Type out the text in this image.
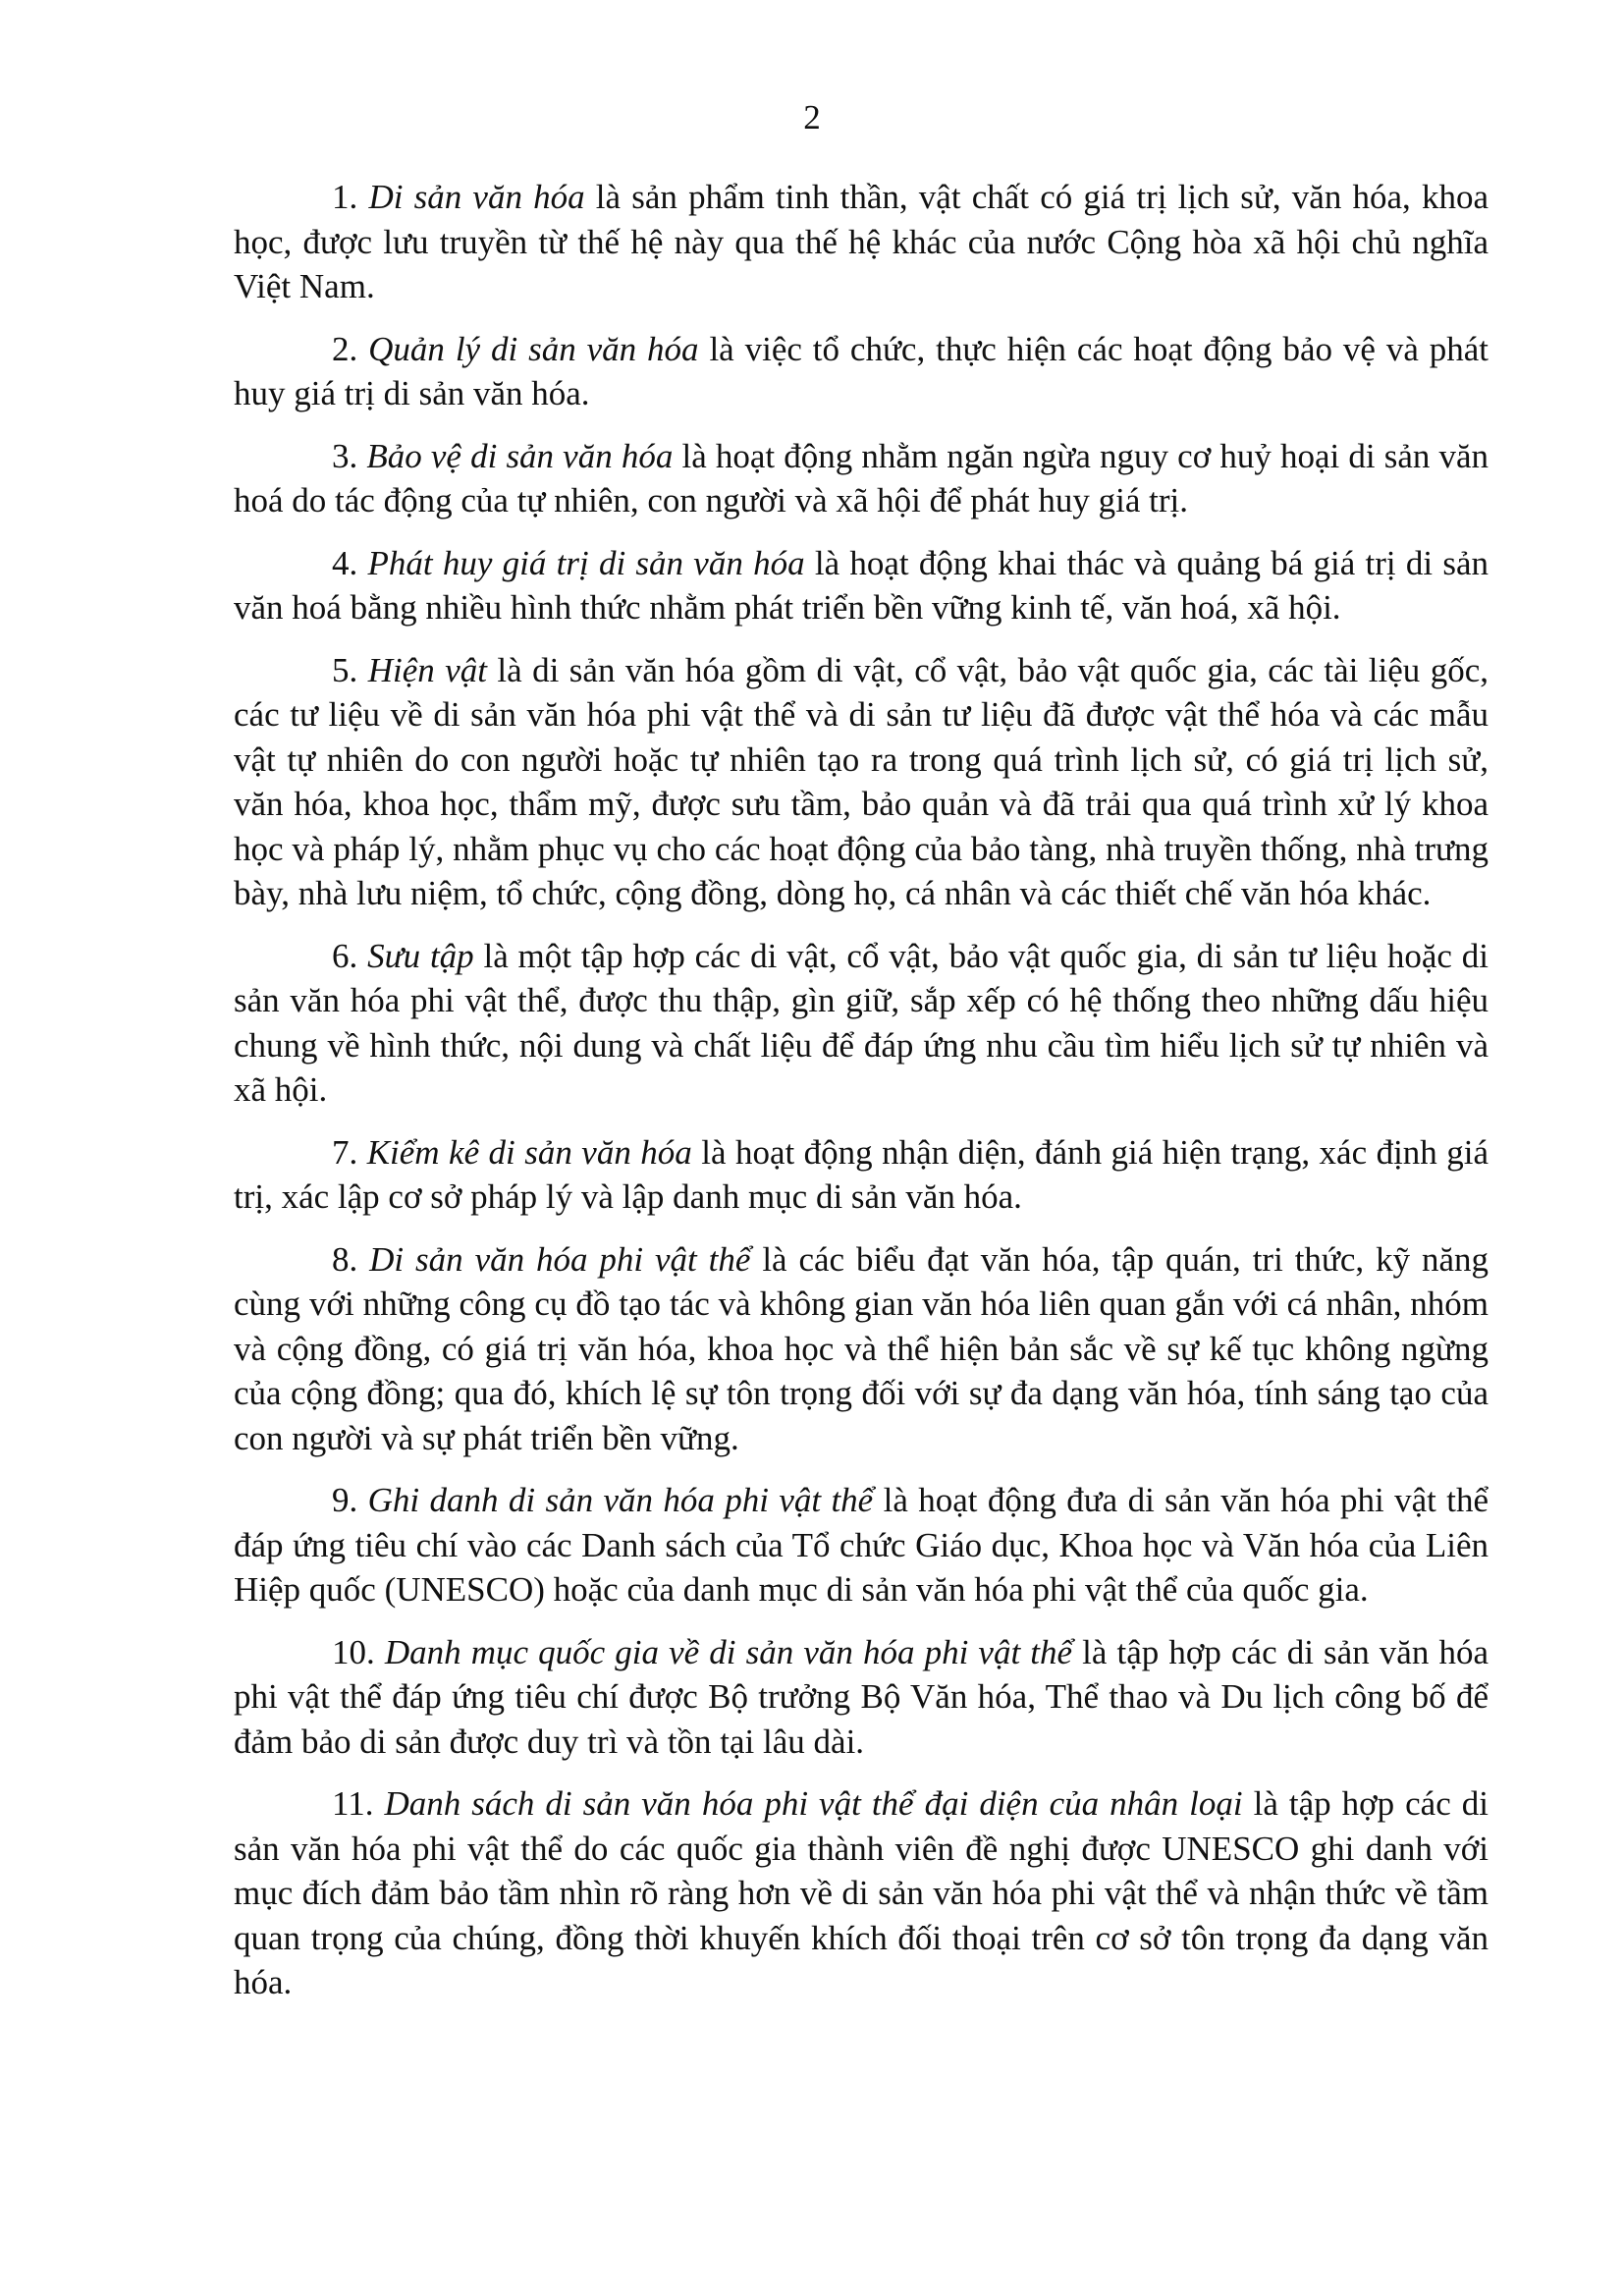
2

1. Di sản văn hóa là sản phẩm tinh thần, vật chất có giá trị lịch sử, văn hóa, khoa học, được lưu truyền từ thế hệ này qua thế hệ khác của nước Cộng hòa xã hội chủ nghĩa Việt Nam.

2. Quản lý di sản văn hóa là việc tổ chức, thực hiện các hoạt động bảo vệ và phát huy giá trị di sản văn hóa.

3. Bảo vệ di sản văn hóa là hoạt động nhằm ngăn ngừa nguy cơ huỷ hoại di sản văn hoá do tác động của tự nhiên, con người và xã hội để phát huy giá trị.

4. Phát huy giá trị di sản văn hóa là hoạt động khai thác và quảng bá giá trị di sản văn hoá bằng nhiều hình thức nhằm phát triển bền vững kinh tế, văn hoá, xã hội.

5. Hiện vật là di sản văn hóa gồm di vật, cổ vật, bảo vật quốc gia, các tài liệu gốc, các tư liệu về di sản văn hóa phi vật thể và di sản tư liệu đã được vật thể hóa và các mẫu vật tự nhiên do con người hoặc tự nhiên tạo ra trong quá trình lịch sử, có giá trị lịch sử, văn hóa, khoa học, thẩm mỹ, được sưu tầm, bảo quản và đã trải qua quá trình xử lý khoa học và pháp lý, nhằm phục vụ cho các hoạt động của bảo tàng, nhà truyền thống, nhà trưng bày, nhà lưu niệm, tổ chức, cộng đồng, dòng họ, cá nhân và các thiết chế văn hóa khác.

6. Sưu tập là một tập hợp các di vật, cổ vật, bảo vật quốc gia, di sản tư liệu hoặc di sản văn hóa phi vật thể, được thu thập, gìn giữ, sắp xếp có hệ thống theo những dấu hiệu chung về hình thức, nội dung và chất liệu để đáp ứng nhu cầu tìm hiểu lịch sử tự nhiên và xã hội.

7. Kiểm kê di sản văn hóa là hoạt động nhận diện, đánh giá hiện trạng, xác định giá trị, xác lập cơ sở pháp lý và lập danh mục di sản văn hóa.

8. Di sản văn hóa phi vật thể là các biểu đạt văn hóa, tập quán, tri thức, kỹ năng cùng với những công cụ đồ tạo tác và không gian văn hóa liên quan gắn với cá nhân, nhóm và cộng đồng, có giá trị văn hóa, khoa học và thể hiện bản sắc về sự kế tục không ngừng của cộng đồng; qua đó, khích lệ sự tôn trọng đối với sự đa dạng văn hóa, tính sáng tạo của con người và sự phát triển bền vững.

9. Ghi danh di sản văn hóa phi vật thể là hoạt động đưa di sản văn hóa phi vật thể đáp ứng tiêu chí vào các Danh sách của Tổ chức Giáo dục, Khoa học và Văn hóa của Liên Hiệp quốc (UNESCO) hoặc của danh mục di sản văn hóa phi vật thể của quốc gia.

10. Danh mục quốc gia về di sản văn hóa phi vật thể là tập hợp các di sản văn hóa phi vật thể đáp ứng tiêu chí được Bộ trưởng Bộ Văn hóa, Thể thao và Du lịch công bố để đảm bảo di sản được duy trì và tồn tại lâu dài.

11. Danh sách di sản văn hóa phi vật thể đại diện của nhân loại là tập hợp các di sản văn hóa phi vật thể do các quốc gia thành viên đề nghị được UNESCO ghi danh với mục đích đảm bảo tầm nhìn rõ ràng hơn về di sản văn hóa phi vật thể và nhận thức về tầm quan trọng của chúng, đồng thời khuyến khích đối thoại trên cơ sở tôn trọng đa dạng văn hóa.
